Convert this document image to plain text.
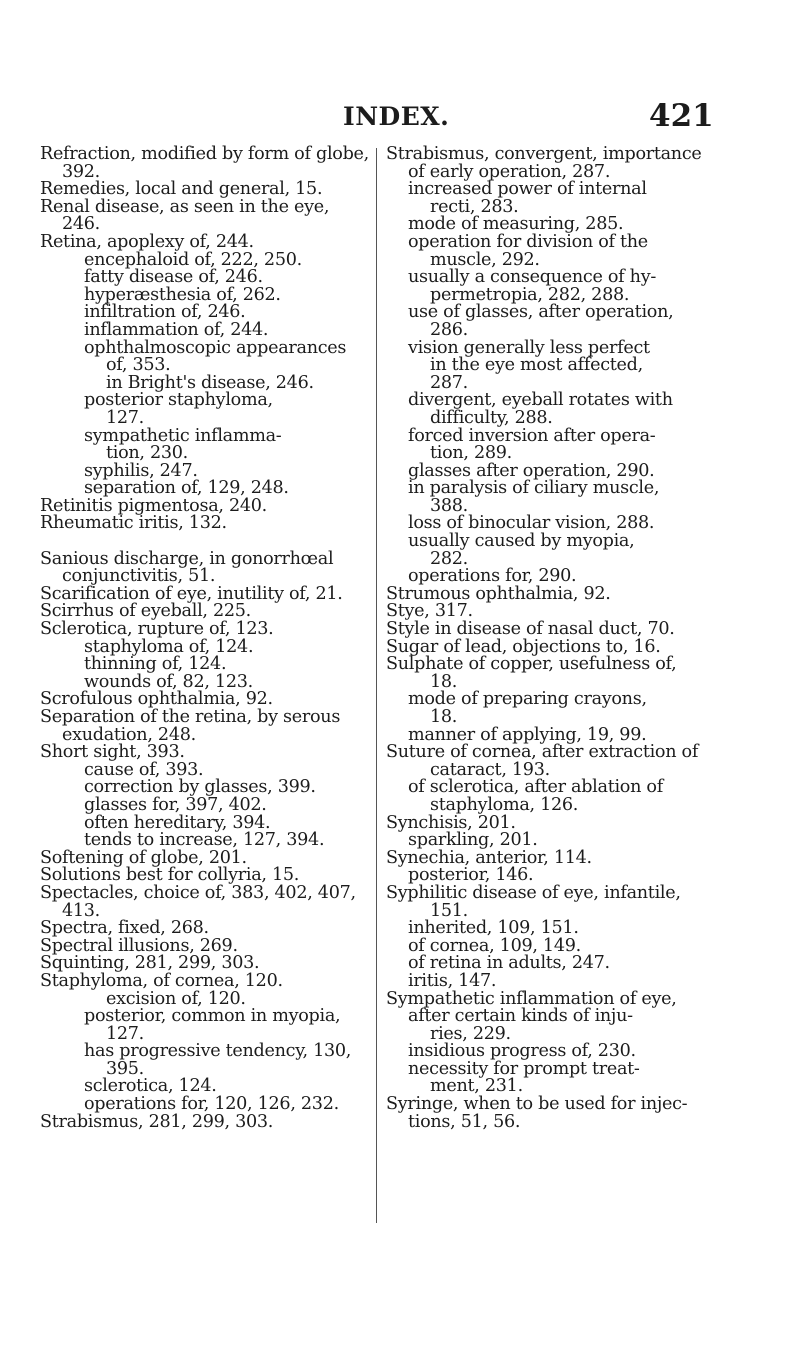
INDEX.	421
Refraction, modified by form of globe,
392.
Remedies, local and general, 15.
Renal disease, as seen in the eye,
246.
Retina, apoplexy of, 244.
encephaloid of, 222, 250.
fatty disease of, 246.
hyperæsthesia of, 262.
infiltration of, 246.
inflammation of, 244.
ophthalmoscopic appearances
of, 353.
in Bright's disease, 246.
posterior staphyloma,
127.
sympathetic inflamma-
tion, 230.
syphilis, 247.
separation of, 129, 248.
Retinitis pigmentosa, 240.
Rheumatic iritis, 132.
Sanious discharge, in gonorrhœal
conjunctivitis, 51.
Scarification of eye, inutility of, 21.
Scirrhus of eyeball, 225.
Sclerotica, rupture of, 123.
staphyloma of, 124.
thinning of, 124.
wounds of, 82, 123.
Scrofulous ophthalmia, 92.
Separation of the retina, by serous
exudation, 248.
Short sight, 393.
cause of, 393.
correction by glasses, 399.
glasses for, 397, 402.
often hereditary, 394.
tends to increase, 127, 394.
Softening of globe, 201.
Solutions best for collyria, 15.
Spectacles, choice of, 383, 402, 407,
413.
Spectra, fixed, 268.
Spectral illusions, 269.
Squinting, 281, 299, 303.
Staphyloma, of cornea, 120.
excision of, 120.
posterior, common in myopia,
127.
has progressive tendency, 130,
395.
sclerotica, 124.
operations for, 120, 126, 232.
Strabismus, 281, 299, 303.
Strabismus, convergent, importance
of early operation, 287.
increased power of internal
recti, 283.
mode of measuring, 285.
operation for division of the
muscle, 292.
usually a consequence of hy-
permetropia, 282, 288.
use of glasses, after operation,
286.
vision generally less perfect
in the eye most affected,
287.
divergent, eyeball rotates with
difficulty, 288.
forced inversion after opera-
tion, 289.
glasses after operation, 290.
in paralysis of ciliary muscle,
388.
loss of binocular vision, 288.
usually caused by myopia,
282.
operations for, 290.
Strumous ophthalmia, 92.
Stye, 317.
Style in disease of nasal duct, 70.
Sugar of lead, objections to, 16.
Sulphate of copper, usefulness of,
18.
mode of preparing crayons,
18.
manner of applying, 19, 99.
Suture of cornea, after extraction of
cataract, 193.
of sclerotica, after ablation of
staphyloma, 126.
Synchisis, 201.
sparkling, 201.
Synechia, anterior, 114.
posterior, 146.
Syphilitic disease of eye, infantile,
151.
inherited, 109, 151.
of cornea, 109, 149.
of retina in adults, 247.
iritis, 147.
Sympathetic inflammation of eye,
after certain kinds of inju-
ries, 229.
insidious progress of, 230.
necessity for prompt treat-
ment, 231.
Syringe, when to be used for injec-
tions, 51, 56.
